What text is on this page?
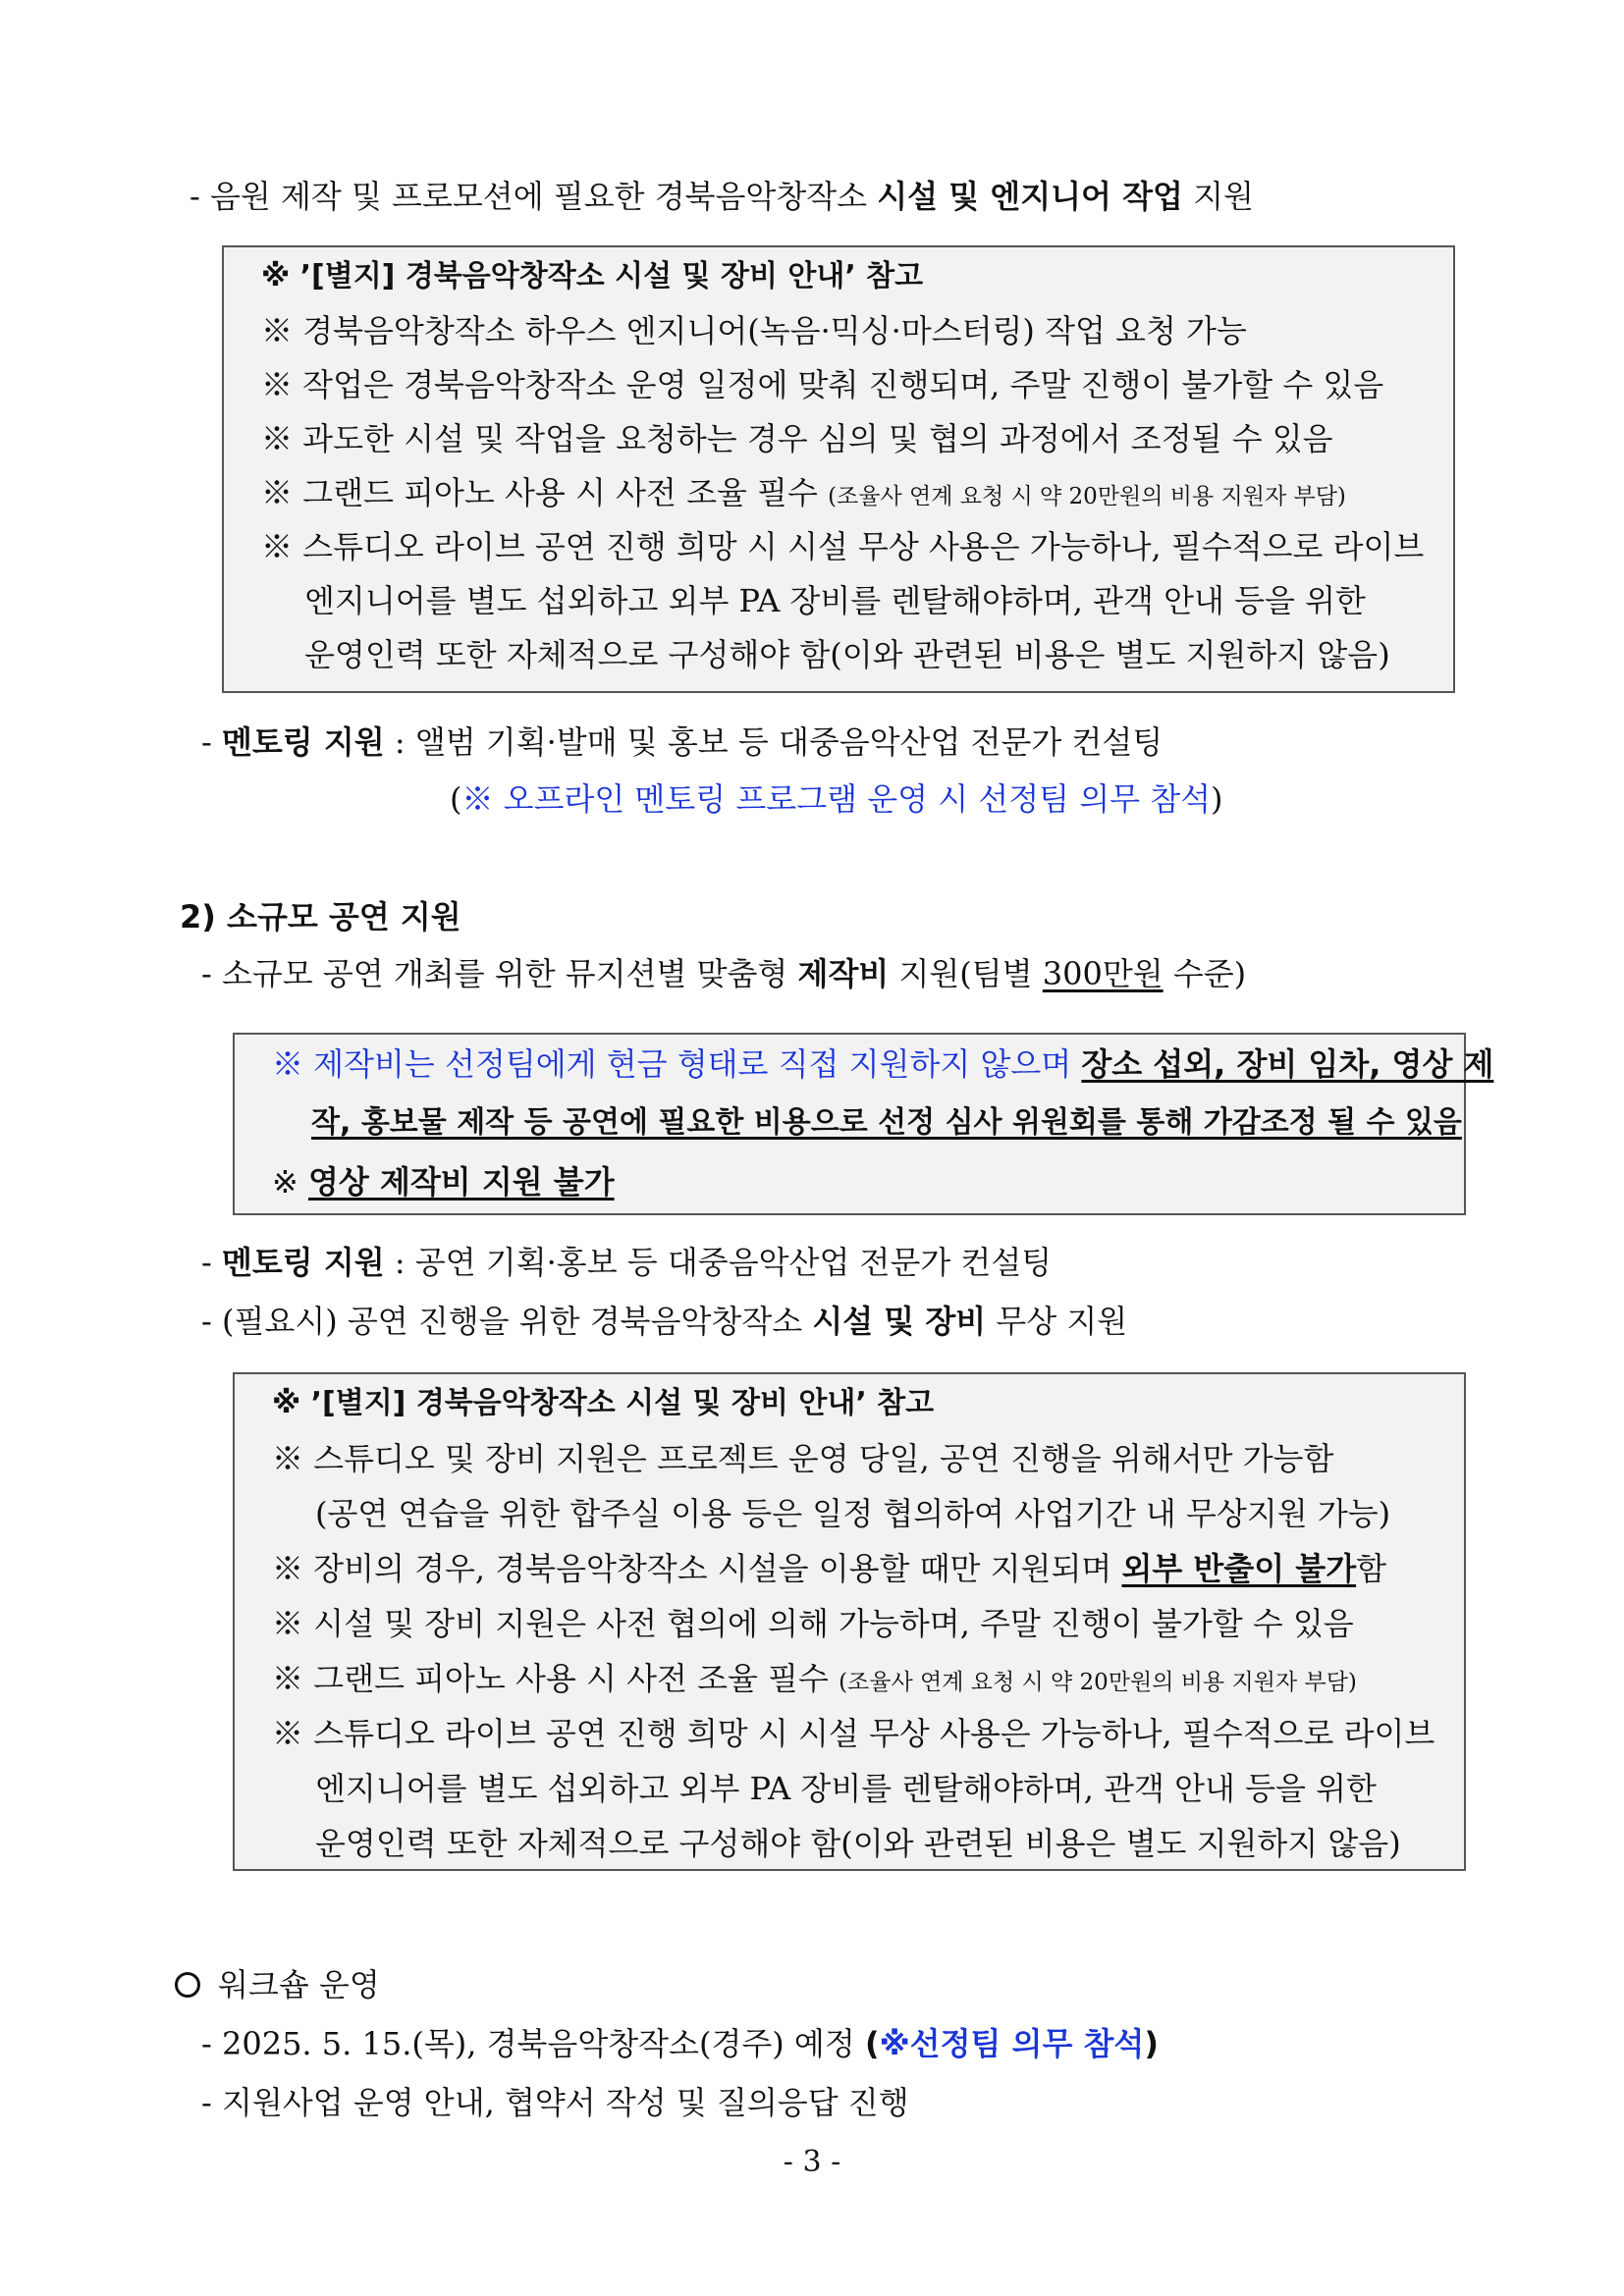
- 음원 제작 및 프로모션에 필요한 경북음악창작소 시설 및 엔지니어 작업 지원
※ ’[별지] 경북음악창작소 시설 및 장비 안내’ 참고
※ 경북음악창작소 하우스 엔지니어(녹음·믹싱·마스터링) 작업 요청 가능
※ 작업은 경북음악창작소 운영 일정에 맞춰 진행되며, 주말 진행이 불가할 수 있음
※ 과도한 시설 및 작업을 요청하는 경우 심의 및 협의 과정에서 조정될 수 있음
※ 그랜드 피아노 사용 시 사전 조율 필수 (조율사 연계 요청 시 약 20만원의 비용 지원자 부담)
※ 스튜디오 라이브 공연 진행 희망 시 시설 무상 사용은 가능하나, 필수적으로 라이브
엔지니어를 별도 섭외하고 외부 PA 장비를 렌탈해야하며, 관객 안내 등을 위한
운영인력 또한 자체적으로 구성해야 함(이와 관련된 비용은 별도 지원하지 않음)
- 멘토링 지원 : 앨범 기획·발매 및 홍보 등 대중음악산업 전문가 컨설팅
(※ 오프라인 멘토링 프로그램 운영 시 선정팀 의무 참석)
2) 소규모 공연 지원
- 소규모 공연 개최를 위한 뮤지션별 맞춤형 제작비 지원(팀별 300만원 수준)
※ 제작비는 선정팀에게 현금 형태로 직접 지원하지 않으며 장소 섭외, 장비 임차, 영상 제
작, 홍보물 제작 등 공연에 필요한 비용으로 선정 심사 위원회를 통해 가감조정 될 수 있음
※ 영상 제작비 지원 불가
- 멘토링 지원 : 공연 기획·홍보 등 대중음악산업 전문가 컨설팅
- (필요시) 공연 진행을 위한 경북음악창작소 시설 및 장비 무상 지원
※ ’[별지] 경북음악창작소 시설 및 장비 안내’ 참고
※ 스튜디오 및 장비 지원은 프로젝트 운영 당일, 공연 진행을 위해서만 가능함
(공연 연습을 위한 합주실 이용 등은 일정 협의하여 사업기간 내 무상지원 가능)
※ 장비의 경우, 경북음악창작소 시설을 이용할 때만 지원되며 외부 반출이 불가함
※ 시설 및 장비 지원은 사전 협의에 의해 가능하며, 주말 진행이 불가할 수 있음
※ 그랜드 피아노 사용 시 사전 조율 필수 (조율사 연계 요청 시 약 20만원의 비용 지원자 부담)
※ 스튜디오 라이브 공연 진행 희망 시 시설 무상 사용은 가능하나, 필수적으로 라이브
엔지니어를 별도 섭외하고 외부 PA 장비를 렌탈해야하며, 관객 안내 등을 위한
운영인력 또한 자체적으로 구성해야 함(이와 관련된 비용은 별도 지원하지 않음)
워크숍 운영
- 2025. 5. 15.(목), 경북음악창작소(경주) 예정 (※선정팀 의무 참석)
- 지원사업 운영 안내, 협약서 작성 및 질의응답 진행
- 3 -
